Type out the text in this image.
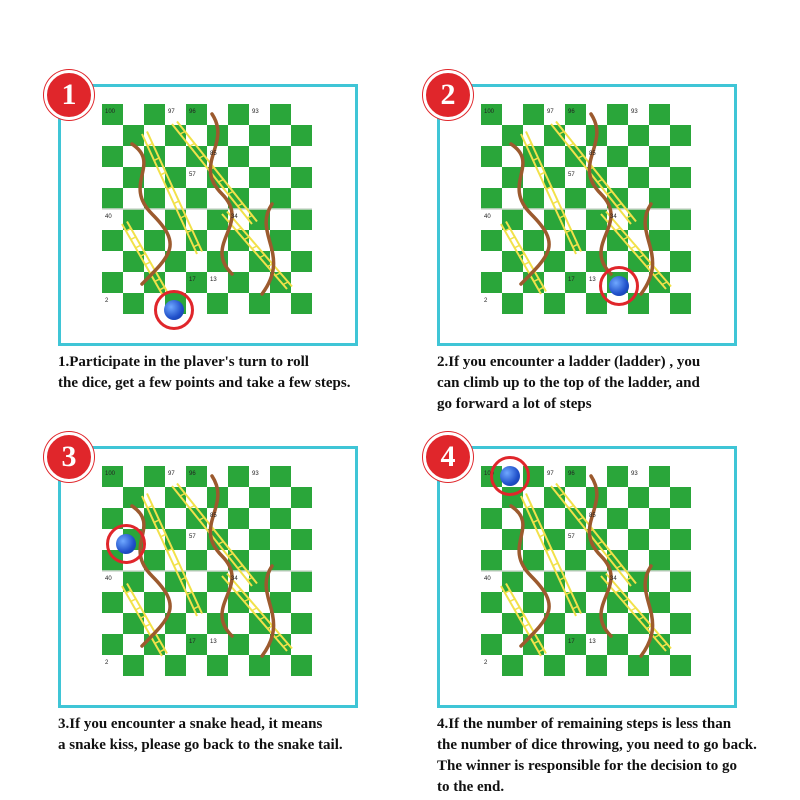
1
100	97 96	93
85
57
40	34
13
17
2
1.Participate in the plaver's turn to roll
the dice, get a few points and take a few steps.
2
100	97 96	93
85
57
40	34
13
17
2
2.If you encounter a ladder (ladder) , you
can climb up to the top of the ladder, and
go forward a lot of steps
3
100	97 96	93
85
57
40	34
13
17
2
3.If you encounter a snake head, it means
a snake kiss, please go back to the snake tail.
4
100	97 96	93
85
57
40	34
13
17
2
4.If the number of remaining steps is less than
the number of dice throwing, you need to go back.
The winner is responsible for the decision to go
to the end.
